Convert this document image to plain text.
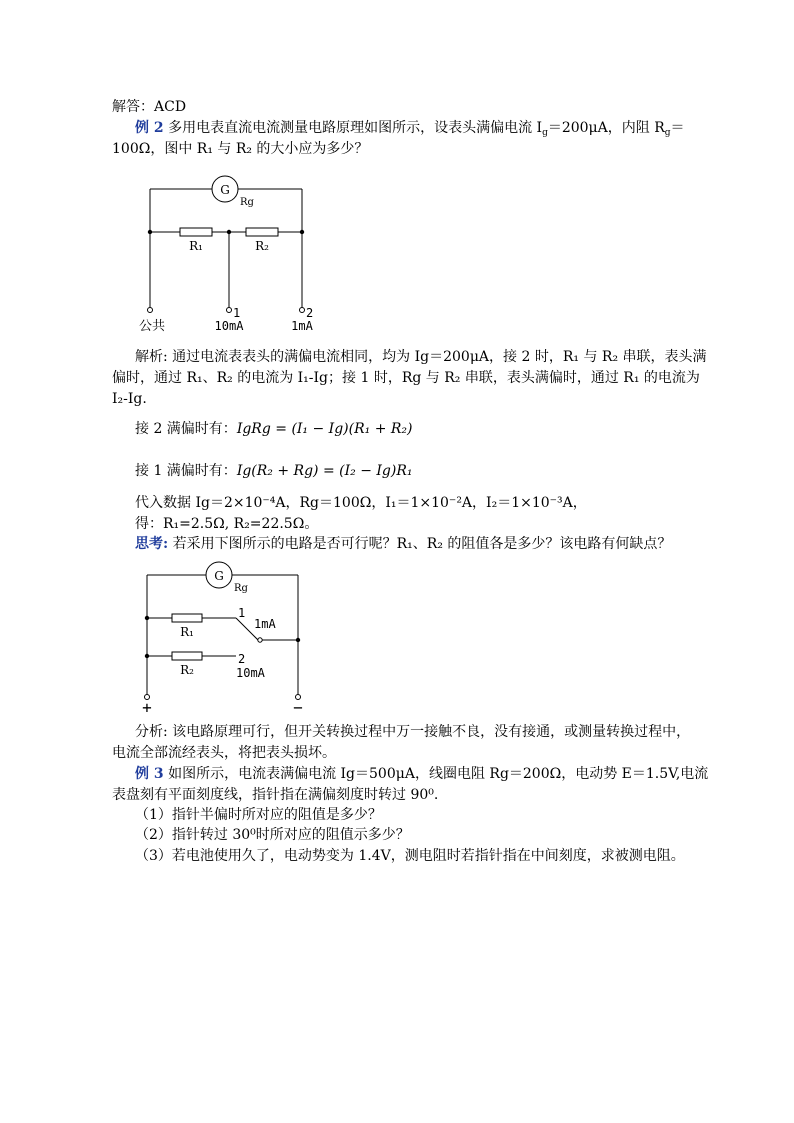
解答：ACD
例 2 多用电表直流电流测量电路原理如图所示，设表头满偏电流 $I_g=200\mu A$，内阻 $R_g=$
100Ω，图中 R₁ 与 R₂ 的大小应为多少？
G
Rg
R₁	R₂
1	2
公共	10mA	1mA
解析: 通过电流表表头的满偏电流相同，均为 Ig＝200μA，接 2 时，R₁ 与 R₂ 串联，表头满
偏时，通过 R₁、R₂ 的电流为 I₁-Ig；接 1 时，Rg 与 R₂ 串联，表头满偏时，通过 R₁ 的电流为
I₂-Ig.
接 2 满偏时有：IgRg = (I₁ − Ig)(R₁ + R₂)
接 1 满偏时有：Ig(R₂ + Rg) = (I₂ − Ig)R₁
代入数据 Ig＝2×10⁻⁴A，Rg＝100Ω，I₁＝1×10⁻²A，I₂＝1×10⁻³A，
得：R₁=2.5Ω, R₂=22.5Ω。
思考: 若采用下图所示的电路是否可行呢？R₁、R₂ 的阻值各是多少？该电路有何缺点？
G
Rg
R₁
R₂
1
1mA
2
10mA
+	−
分析: 该电路原理可行，但开关转换过程中万一接触不良，没有接通，或测量转换过程中，
电流全部流经表头，将把表头损坏。
例 3 如图所示，电流表满偏电流 Ig＝500μA，线圈电阻 Rg＝200Ω，电动势 E＝1.5V,电流
表盘刻有平面刻度线，指针指在满偏刻度时转过 90⁰.
（1）指针半偏时所对应的阻值是多少？
（2）指针转过 30⁰时所对应的阻值示多少？
（3）若电池使用久了，电动势变为 1.4V，测电阻时若指针指在中间刻度，求被测电阻。
